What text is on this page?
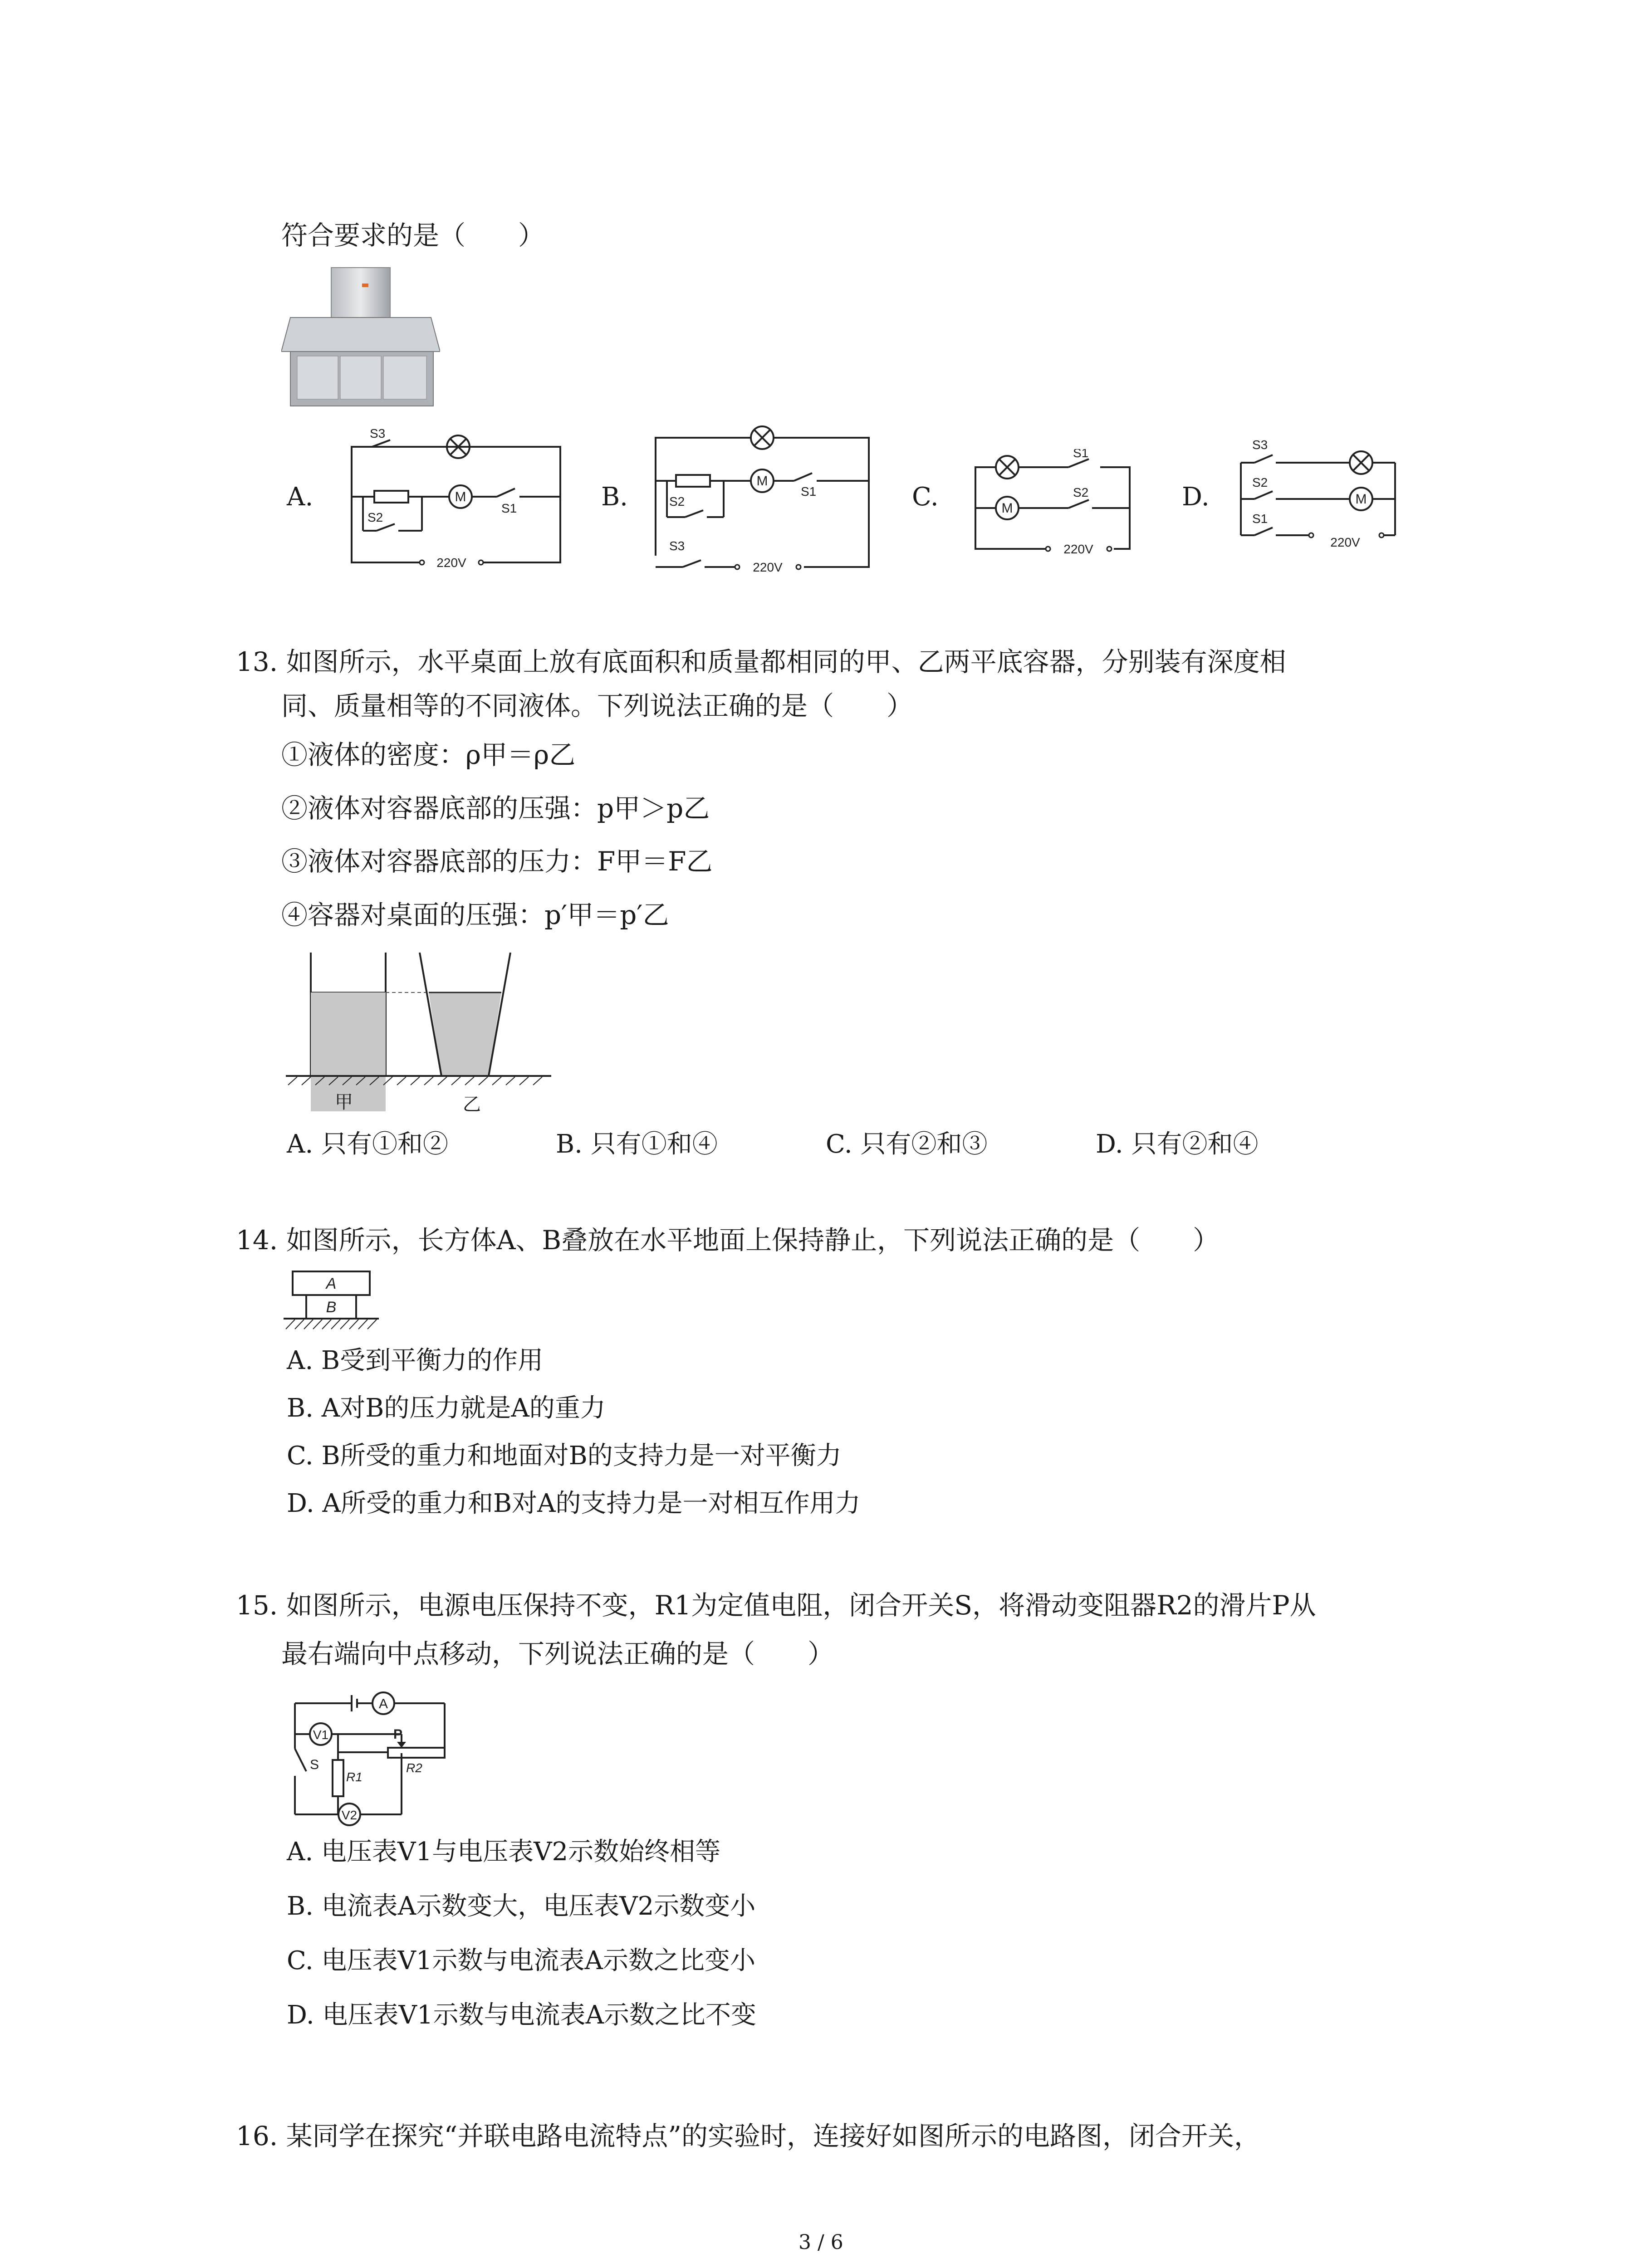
符合要求的是（　　）
A.	B.	C.	D.
M
S3
S1
S2
220V
M
S1
S2
S3
220V
M
S1
S2
220V
M
S3
S2
S1
220V
13. 如图所示，水平桌面上放有底面积和质量都相同的甲、乙两平底容器，分别装有深度相
同、质量相等的不同液体。下列说法正确的是（　　）
①液体的密度：ρ甲＝ρ乙
②液体对容器底部的压强：p甲＞p乙
③液体对容器底部的压力：F甲＝F乙
④容器对桌面的压强：p′甲＝p′乙
甲	乙
A. 只有①和②	B. 只有①和④	C. 只有②和③	D. 只有②和④
14. 如图所示，长方体A、B叠放在水平地面上保持静止，下列说法正确的是（　　）
A
B
A. B受到平衡力的作用
B. A对B的压力就是A的重力
C. B所受的重力和地面对B的支持力是一对平衡力
D. A所受的重力和B对A的支持力是一对相互作用力
15. 如图所示，电源电压保持不变，R1为定值电阻，闭合开关S，将滑动变阻器R2的滑片P从
最右端向中点移动，下列说法正确的是（　　）
A
V1
V2
S
P
R1
R2
A. 电压表V1与电压表V2示数始终相等
B. 电流表A示数变大，电压表V2示数变小
C. 电压表V1示数与电流表A示数之比变小
D. 电压表V1示数与电流表A示数之比不变
16. 某同学在探究“并联电路电流特点”的实验时，连接好如图所示的电路图，闭合开关，
3 / 6
